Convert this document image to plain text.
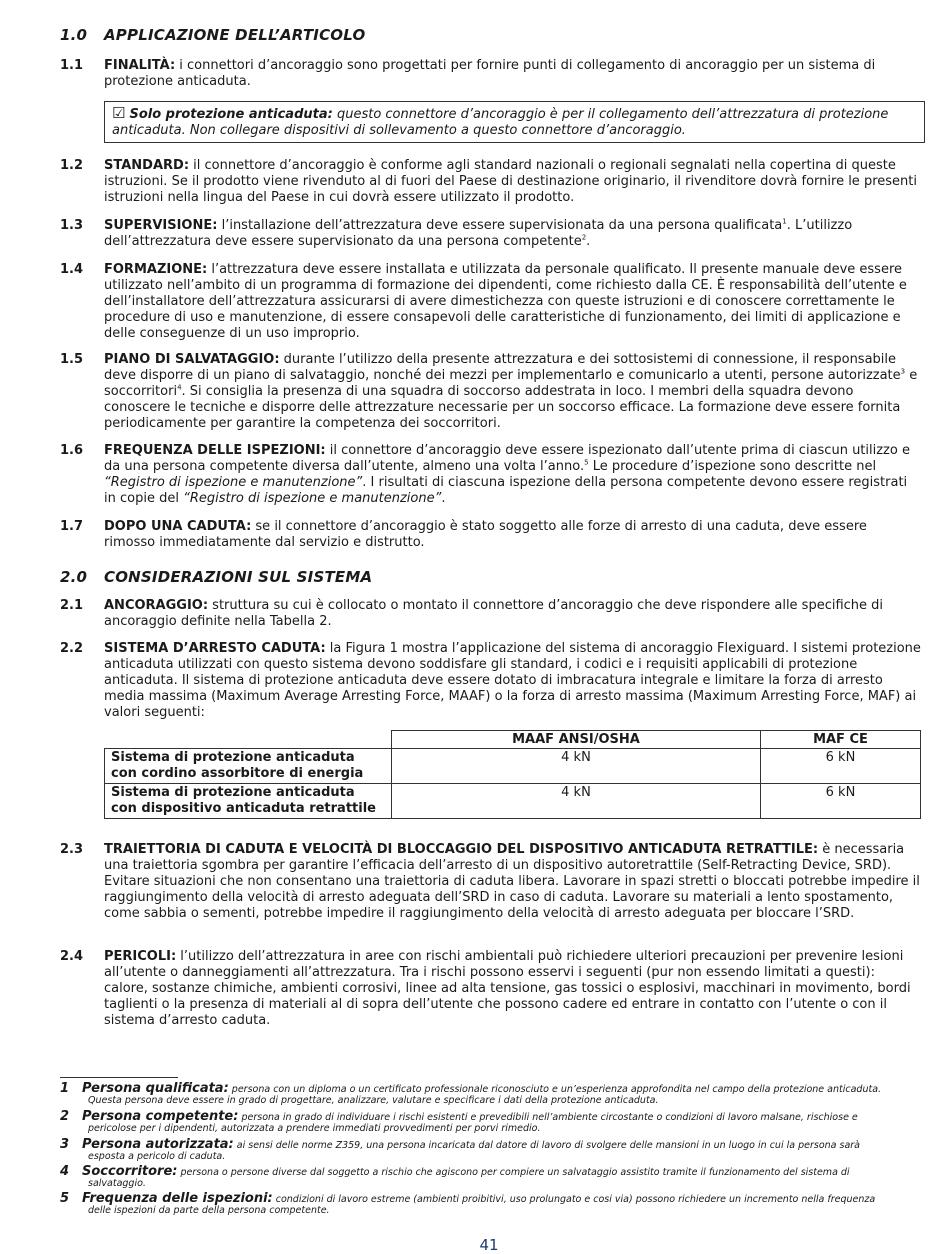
1.0	APPLICAZIONE DELL’ARTICOLO
1.1 FINALITÀ: i connettori d’ancoraggio sono progettati per fornire punti di collegamento di ancoraggio per un sistema di protezione anticaduta.
☑ Solo protezione anticaduta: questo connettore d’ancoraggio è per il collegamento dell’attrezzatura di protezione anticaduta. Non collegare dispositivi di sollevamento a questo connettore d’ancoraggio.
1.2 STANDARD: il connettore d’ancoraggio è conforme agli standard nazionali o regionali segnalati nella copertina di queste istruzioni. Se il prodotto viene rivenduto al di fuori del Paese di destinazione originario, il rivenditore dovrà fornire le presenti istruzioni nella lingua del Paese in cui dovrà essere utilizzato il prodotto.
1.3 SUPERVISIONE: l’installazione dell’attrezzatura deve essere supervisionata da una persona qualificata$^1$. L’utilizzo dell’attrezzatura deve essere supervisionato da una persona competente$^2$.
1.4 FORMAZIONE: l’attrezzatura deve essere installata e utilizzata da personale qualificato. Il presente manuale deve essere utilizzato nell’ambito di un programma di formazione dei dipendenti, come richiesto dalla CE. È responsabilità dell’utente e dell’installatore dell’attrezzatura assicurarsi di avere dimestichezza con queste istruzioni e di conoscere correttamente le procedure di uso e manutenzione, di essere consapevoli delle caratteristiche di funzionamento, dei limiti di applicazione e delle conseguenze di un uso improprio.
1.5 PIANO DI SALVATAGGIO: durante l’utilizzo della presente attrezzatura e dei sottosistemi di connessione, il responsabile deve disporre di un piano di salvataggio, nonché dei mezzi per implementarlo e comunicarlo a utenti, persone autorizzate$^3$ e soccorritori$^4$. Si consiglia la presenza di una squadra di soccorso addestrata in loco. I membri della squadra devono conoscere le tecniche e disporre delle attrezzature necessarie per un soccorso efficace. La formazione deve essere fornita periodicamente per garantire la competenza dei soccorritori.
1.6 FREQUENZA DELLE ISPEZIONI: il connettore d’ancoraggio deve essere ispezionato dall’utente prima di ciascun utilizzo e da una persona competente diversa dall’utente, almeno una volta l’anno.$^5$ Le procedure d’ispezione sono descritte nel “Registro di ispezione e manutenzione”. I risultati di ciascuna ispezione della persona competente devono essere registrati in copie del “Registro di ispezione e manutenzione”.
1.7 DOPO UNA CADUTA: se il connettore d’ancoraggio è stato soggetto alle forze di arresto di una caduta, deve essere rimosso immediatamente dal servizio e distrutto.
2.0	CONSIDERAZIONI SUL SISTEMA
2.1 ANCORAGGIO: struttura su cui è collocato o montato il connettore d’ancoraggio che deve rispondere alle specifiche di ancoraggio definite nella Tabella 2.
2.2 SISTEMA D’ARRESTO CADUTA: la Figura 1 mostra l’applicazione del sistema di ancoraggio Flexiguard. I sistemi protezione anticaduta utilizzati con questo sistema devono soddisfare gli standard, i codici e i requisiti applicabili di protezione anticaduta. Il sistema di protezione anticaduta deve essere dotato di imbracatura integrale e limitare la forza di arresto media massima (Maximum Average Arresting Force, MAAF) o la forza di arresto massima (Maximum Arresting Force, MAF) ai valori seguenti:
	MAAF ANSI/OSHA	MAF CE
Sistema di protezione anticaduta con cordino assorbitore di energia	4 kN	6 kN
Sistema di protezione anticaduta con dispositivo anticaduta retrattile	4 kN	6 kN
2.3 TRAIETTORIA DI CADUTA E VELOCITÀ DI BLOCCAGGIO DEL DISPOSITIVO ANTICADUTA RETRATTILE: è necessaria una traiettoria sgombra per garantire l’efficacia dell’arresto di un dispositivo autoretrattile (Self-Retracting Device, SRD). Evitare situazioni che non consentano una traiettoria di caduta libera. Lavorare in spazi stretti o bloccati potrebbe impedire il raggiungimento della velocità di arresto adeguata dell’SRD in caso di caduta. Lavorare su materiali a lento spostamento, come sabbia o sementi, potrebbe impedire il raggiungimento della velocità di arresto adeguata per bloccare l’SRD.
2.4 PERICOLI: l’utilizzo dell’attrezzatura in aree con rischi ambientali può richiedere ulteriori precauzioni per prevenire lesioni all’utente o danneggiamenti all’attrezzatura. Tra i rischi possono esservi i seguenti (pur non essendo limitati a questi): calore, sostanze chimiche, ambienti corrosivi, linee ad alta tensione, gas tossici o esplosivi, macchinari in movimento, bordi taglienti o la presenza di materiali al di sopra dell’utente che possono cadere ed entrare in contatto con l’utente o con il sistema d’arresto caduta.
1 Persona qualificata: persona con un diploma o un certificato professionale riconosciuto e un’esperienza approfondita nel campo della protezione anticaduta.
Questa persona deve essere in grado di progettare, analizzare, valutare e specificare i dati della protezione anticaduta.
2 Persona competente: persona in grado di individuare i rischi esistenti e prevedibili nell’ambiente circostante o condizioni di lavoro malsane, rischiose e
pericolose per i dipendenti, autorizzata a prendere immediati provvedimenti per porvi rimedio.
3 Persona autorizzata: ai sensi delle norme Z359, una persona incaricata dal datore di lavoro di svolgere delle mansioni in un luogo in cui la persona sarà
esposta a pericolo di caduta.
4 Soccorritore: persona o persone diverse dal soggetto a rischio che agiscono per compiere un salvataggio assistito tramite il funzionamento del sistema di
salvataggio.
5 Frequenza delle ispezioni: condizioni di lavoro estreme (ambienti proibitivi, uso prolungato e cosi via) possono richiedere un incremento nella frequenza
delle ispezioni da parte della persona competente.
41
